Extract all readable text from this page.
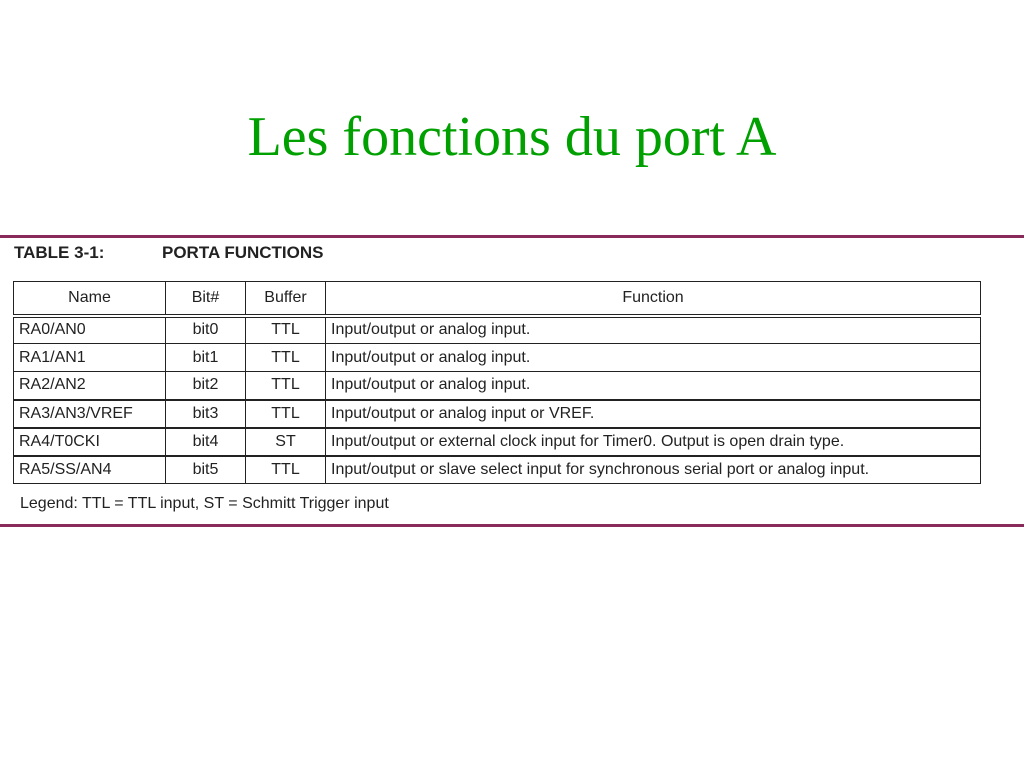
Les fonctions du port A
TABLE 3-1:	PORTA FUNCTIONS
Name	Bit#	Buffer	Function
RA0/AN0	bit0	TTL	Input/output or analog input.
RA1/AN1	bit1	TTL	Input/output or analog input.
RA2/AN2	bit2	TTL	Input/output or analog input.
RA3/AN3/VREF	bit3	TTL	Input/output or analog input or VREF.
RA4/T0CKI	bit4	ST	Input/output or external clock input for Timer0. Output is open drain type.
RA5/SS/AN4	bit5	TTL	Input/output or slave select input for synchronous serial port or analog input.
Legend: TTL = TTL input, ST = Schmitt Trigger input
